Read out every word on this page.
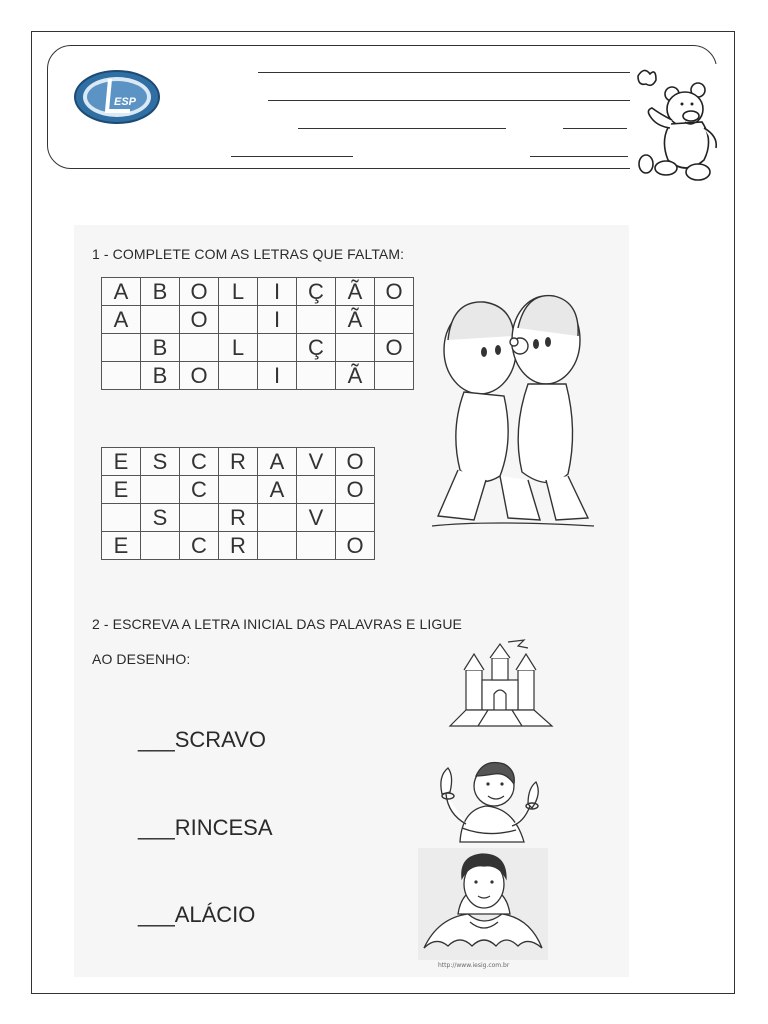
ESP
1 - COMPLETE COM AS LETRAS QUE FALTAM:
A	B	O	L	I	Ç	Ã	O
A		O		I		Ã	
	B		L		Ç		O
	B	O		I		Ã	
E	S	C	R	A	V	O
E		C		A		O
	S		R		V	
E		C	R			O
2 - ESCREVA A LETRA INICIAL DAS PALAVRAS E LIGUE
AO DESENHO:
___SCRAVO
___RINCESA
___ALÁCIO
http://www.iesig.com.br
